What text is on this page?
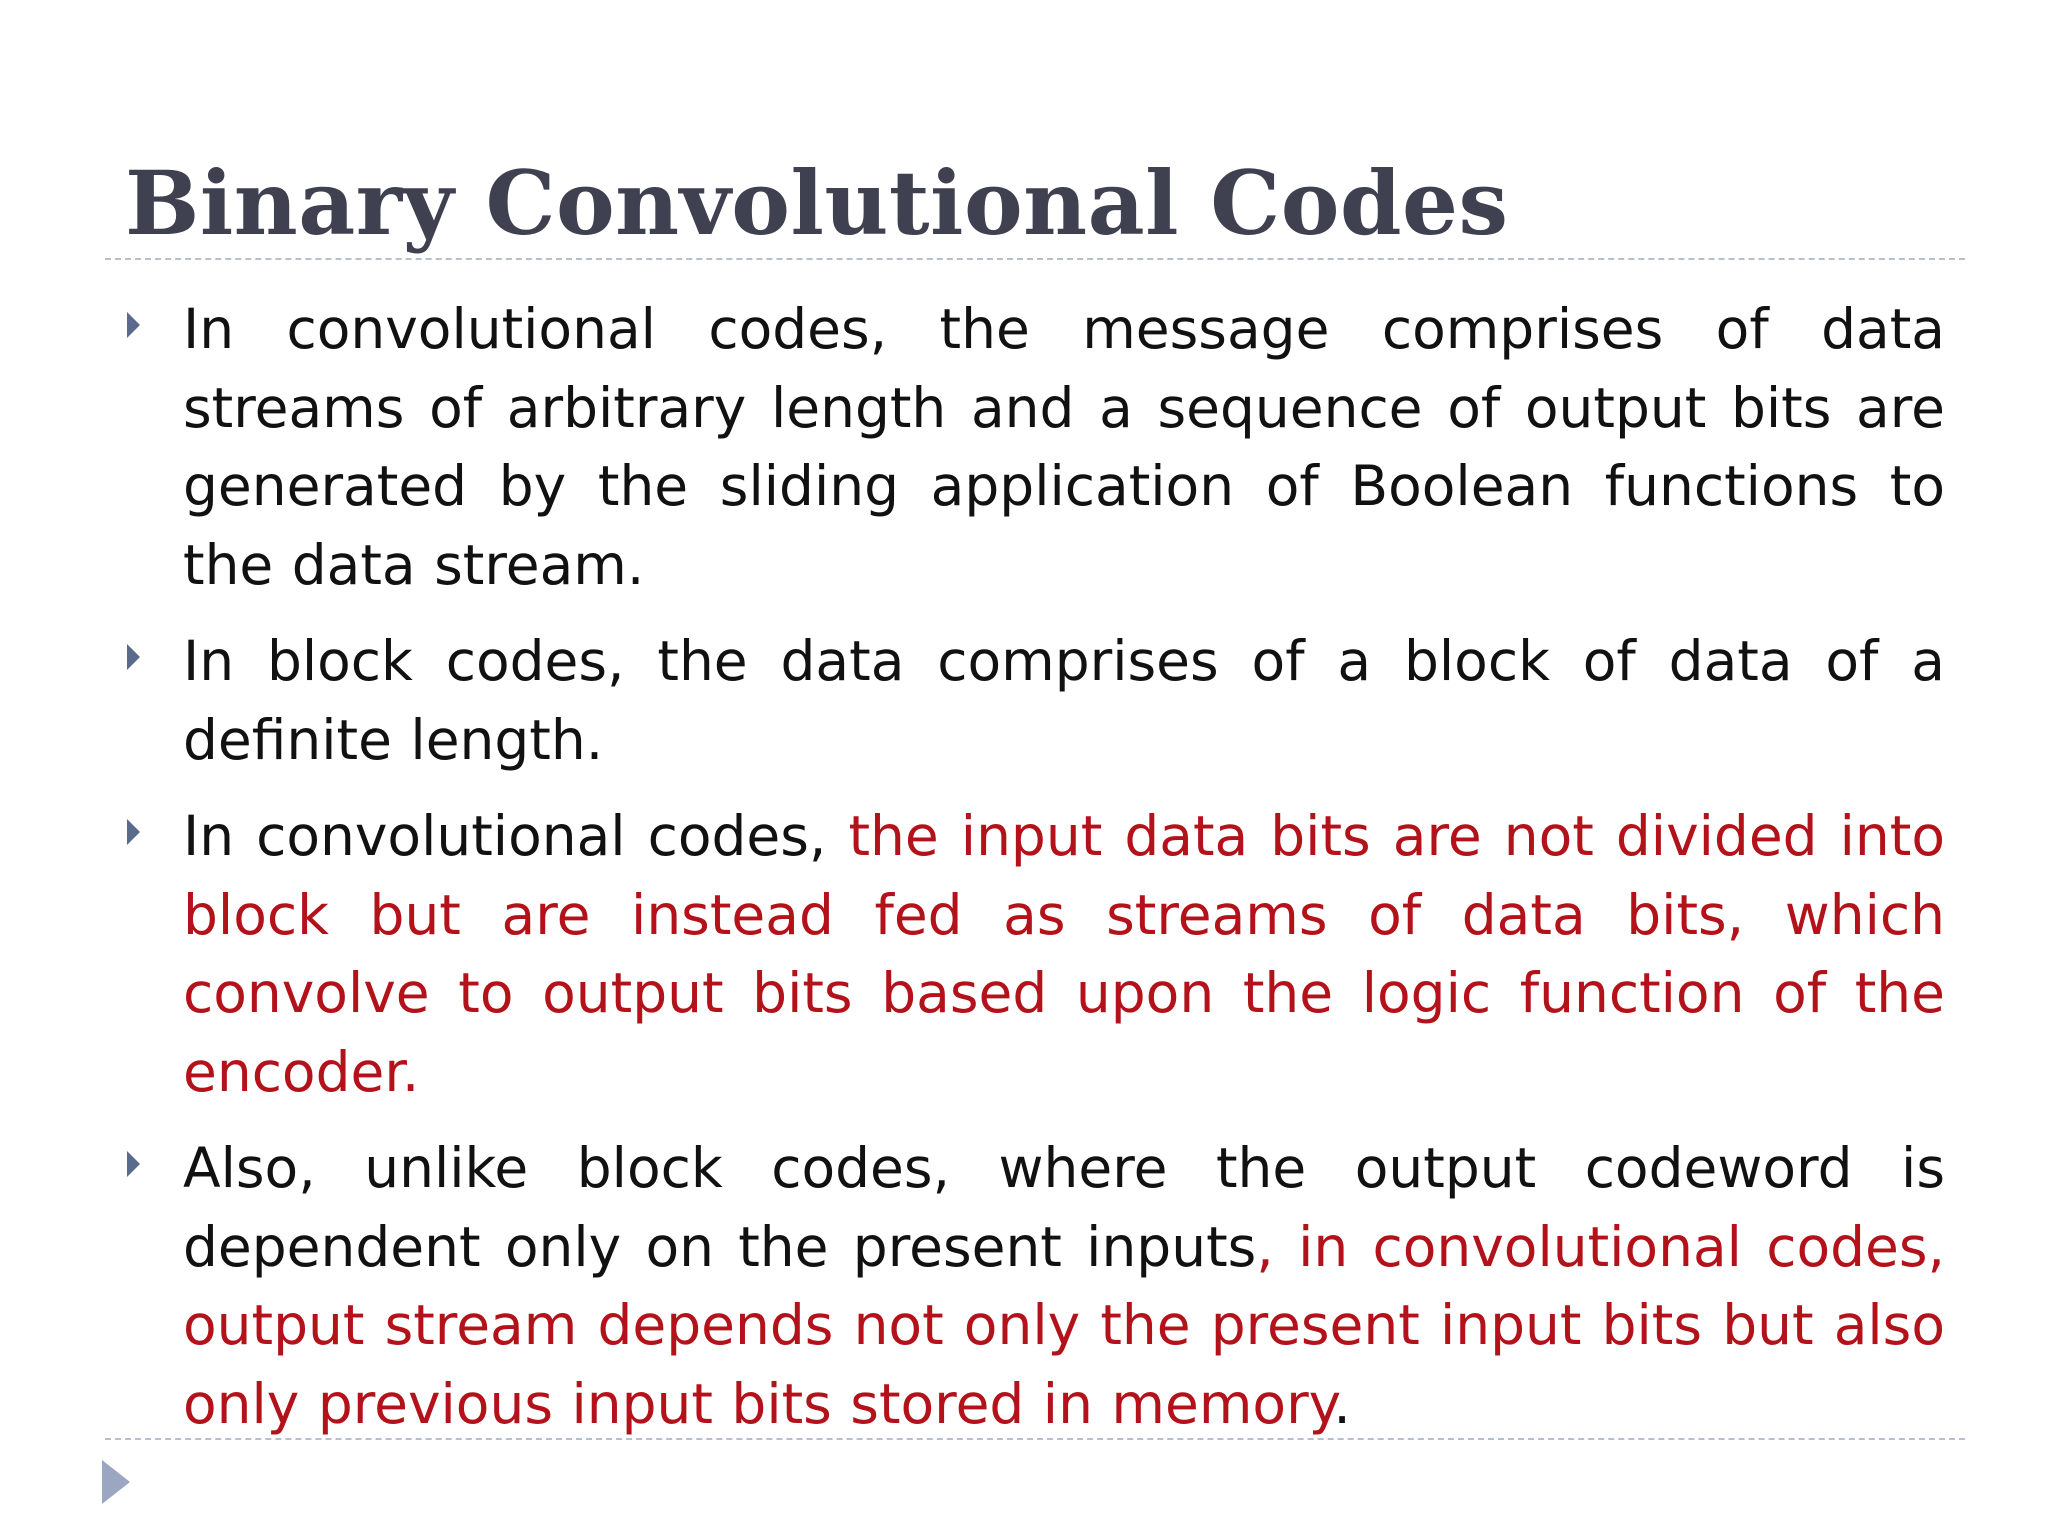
Binary Convolutional Codes
In convolutional codes, the message comprises of data streams of arbitrary length and a sequence of output bits are generated by the sliding application of Boolean functions to the data stream.
In block codes, the data comprises of a block of data of a definite length.
In convolutional codes, the input data bits are not divided into block but are instead fed as streams of data bits, which convolve to output bits based upon the logic function of the encoder.
Also, unlike block codes, where the output codeword is dependent only on the present inputs, in convolutional codes, output stream depends not only the present input bits but also only previous input bits stored in memory.
